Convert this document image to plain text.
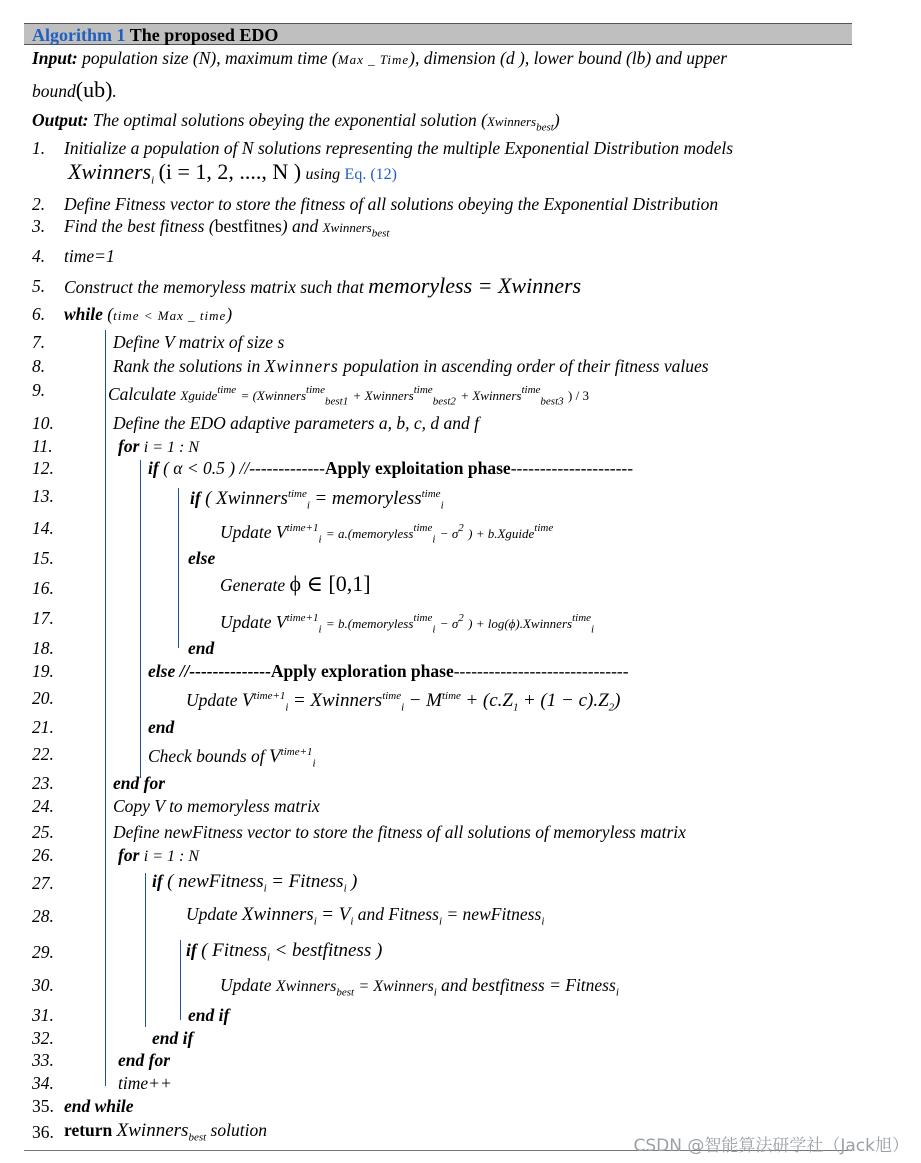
Algorithm 1 The proposed EDO
Input: population size (N), maximum time (Max _ Time), dimension (d ), lower bound (lb) and upper
bound(ub).
Output: The optimal solutions obeying the exponential solution (Xwinners$_{best}$)
1. Initialize a population of N solutions representing the multiple Exponential Distribution models
Xwinners$_i$ (i = 1, 2, ...., N ) using Eq. (12)
2. Define Fitness vector to store the fitness of all solutions obeying the Exponential Distribution
3. Find the best fitness (bestfitnes) and Xwinners$_{best}$
4. time=1
5. Construct the memoryless matrix such that memoryless = Xwinners
6. while (time < Max _ time)
7.	Define V matrix of size s
8.	Rank the solutions in Xwinners population in ascending order of their fitness values
9.	Calculate Xguide$^{time}$ = (Xwinners$^{time}_{best1}$ + Xwinners$^{time}_{best2}$ + Xwinners$^{time}_{best3}$ ) / 3
10.	Define the EDO adaptive parameters a, b, c, d and f
11.	for i = 1 : N
12.	if ( α < 0.5 ) //-------------Apply exploitation phase---------------------
13.	if ( Xwinners$^{time}_i$ = memoryless$^{time}_i$
14.	Update $V^{time+1}_i$ = a.(memoryless$^{time}_i$ − $\sigma^2$ ) + b.Xguide$^{time}$
15.	else
16.	Generate ϕ ∈ [0,1]
17.	Update $V^{time+1}_i$ = b.(memoryless$^{time}_i$ − $\sigma^2$ ) + log(ϕ).Xwinners$^{time}_i$
18.	end
19.	else //--------------Apply exploration phase------------------------------
20.	Update $V^{time+1}_i$ = Xwinners$^{time}_i$ − $M^{time} + (c.Z_1 + (1 - c).Z_2)$
21.	end
22.	Check bounds of $V^{time+1}_i$
23.	end for
24.	Copy V to memoryless matrix
25.	Define newFitness vector to store the fitness of all solutions of memoryless matrix
26.	for i = 1 : N
27.	if ( newFitness$_i$ = Fitness$_i$ )
28.	Update Xwinners$_i$ = $V_i$ and Fitness$_i$ = newFitness$_i$
29.	if ( Fitness$_i$ < bestfitness )
30.	Update Xwinners$_{best}$ = Xwinners$_i$ and bestfitness = Fitness$_i$
31.	end if
32.	end if
33.	end for
34.	time++
35. end while
36. return Xwinners$_{best}$ solution
CSDN @智能算法研学社（Jack旭）
